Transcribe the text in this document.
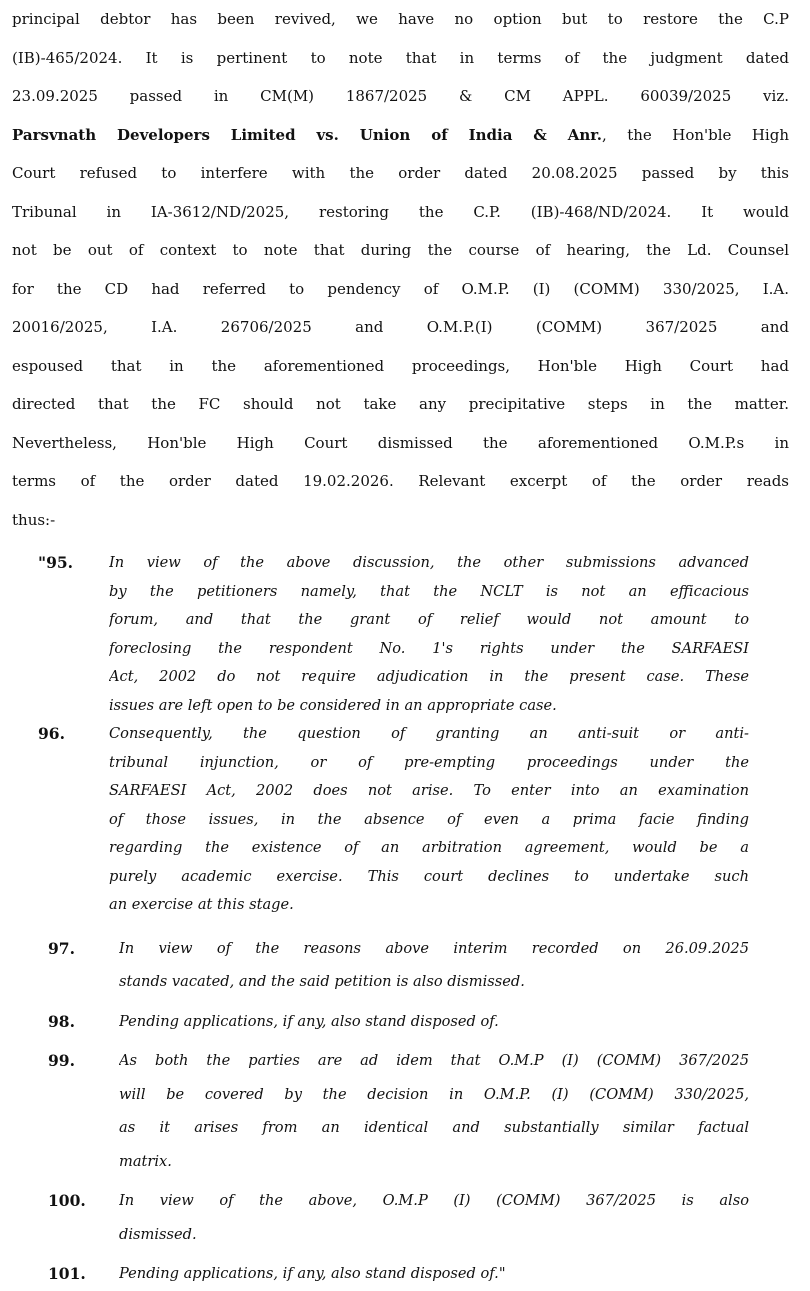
principal debtor has been revived, we have no option but to restore the C.P
(IB)-465/2024. It is pertinent to note that in terms of the judgment dated
23.09.2025 passed in CM(M) 1867/2025 & CM APPL. 60039/2025 viz.
Parsvnath Developers Limited vs. Union of India & Anr., the Hon'ble High
Court refused to interfere with the order dated 20.08.2025 passed by this
Tribunal in IA-3612/ND/2025, restoring the C.P. (IB)-468/ND/2024. It would
not be out of context to note that during the course of hearing, the Ld. Counsel
for the CD had referred to pendency of O.M.P. (I) (COMM) 330/2025, I.A.
20016/2025, I.A. 26706/2025 and O.M.P.(I) (COMM) 367/2025 and
espoused that in the aforementioned proceedings, Hon'ble High Court had
directed that the FC should not take any precipitative steps in the matter.
Nevertheless, Hon'ble High Court dismissed the aforementioned O.M.P.s in
terms of the order dated 19.02.2026. Relevant excerpt of the order reads
thus:-
"95.	In view of the above discussion, the other submissions advanced
by the petitioners namely, that the NCLT is not an efficacious
forum, and that the grant of relief would not amount to
foreclosing the respondent No. 1's rights under the SARFAESI
Act, 2002 do not require adjudication in the present case. These
issues are left open to be considered in an appropriate case.
96.	Consequently, the question of granting an anti-suit or anti-
tribunal injunction, or of pre-empting proceedings under the
SARFAESI Act, 2002 does not arise. To enter into an examination
of those issues, in the absence of even a prima facie finding
regarding the existence of an arbitration agreement, would be a
purely academic exercise. This court declines to undertake such
an exercise at this stage.
97.	In view of the reasons above interim recorded on 26.09.2025
stands vacated, and the said petition is also dismissed.
98.	Pending applications, if any, also stand disposed of.
99.	As both the parties are ad idem that O.M.P (I) (COMM) 367/2025
will be covered by the decision in O.M.P. (I) (COMM) 330/2025,
as it arises from an identical and substantially similar factual
matrix.
100.	In view of the above, O.M.P (I) (COMM) 367/2025 is also
dismissed.
101.	Pending applications, if any, also stand disposed of."
